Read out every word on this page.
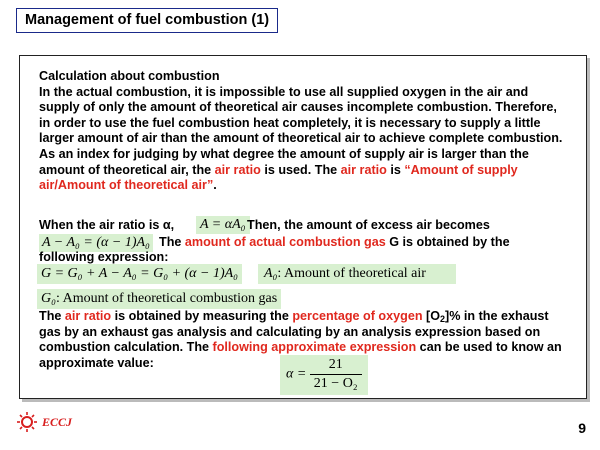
Management of fuel combustion (1)
Calculation about combustion
In the actual combustion, it is impossible to use all supplied oxygen in the air and supply of only the amount of theoretical air causes incomplete combustion. Therefore, in order to use the fuel combustion heat completely, it is necessary to supply a little larger amount of air than the amount of theoretical air to achieve complete combustion.
As an index for judging by what degree the amount of supply air is larger than the amount of theoretical air, the air ratio is used. The air ratio is “Amount of supply air/Amount of theoretical air”.
When the air ratio is α,	A = αA₀ Then, the amount of excess air becomes
A − A₀ = (α − 1)A₀ The amount of actual combustion gas G is obtained by the
following expression:
G = G₀ + A − A₀ = G₀ + (α − 1)A₀	A₀: Amount of theoretical air
G₀: Amount of theoretical combustion gas
The air ratio is obtained by measuring the percentage of oxygen $[O_2]\%$ in the exhaust gas by an exhaust gas analysis and calculating by an analysis expression based on combustion calculation. The following approximate expression can be used to know an approximate value:
$\alpha = \frac{21}{\text{21 − O₂}}$
ECCJ	9
